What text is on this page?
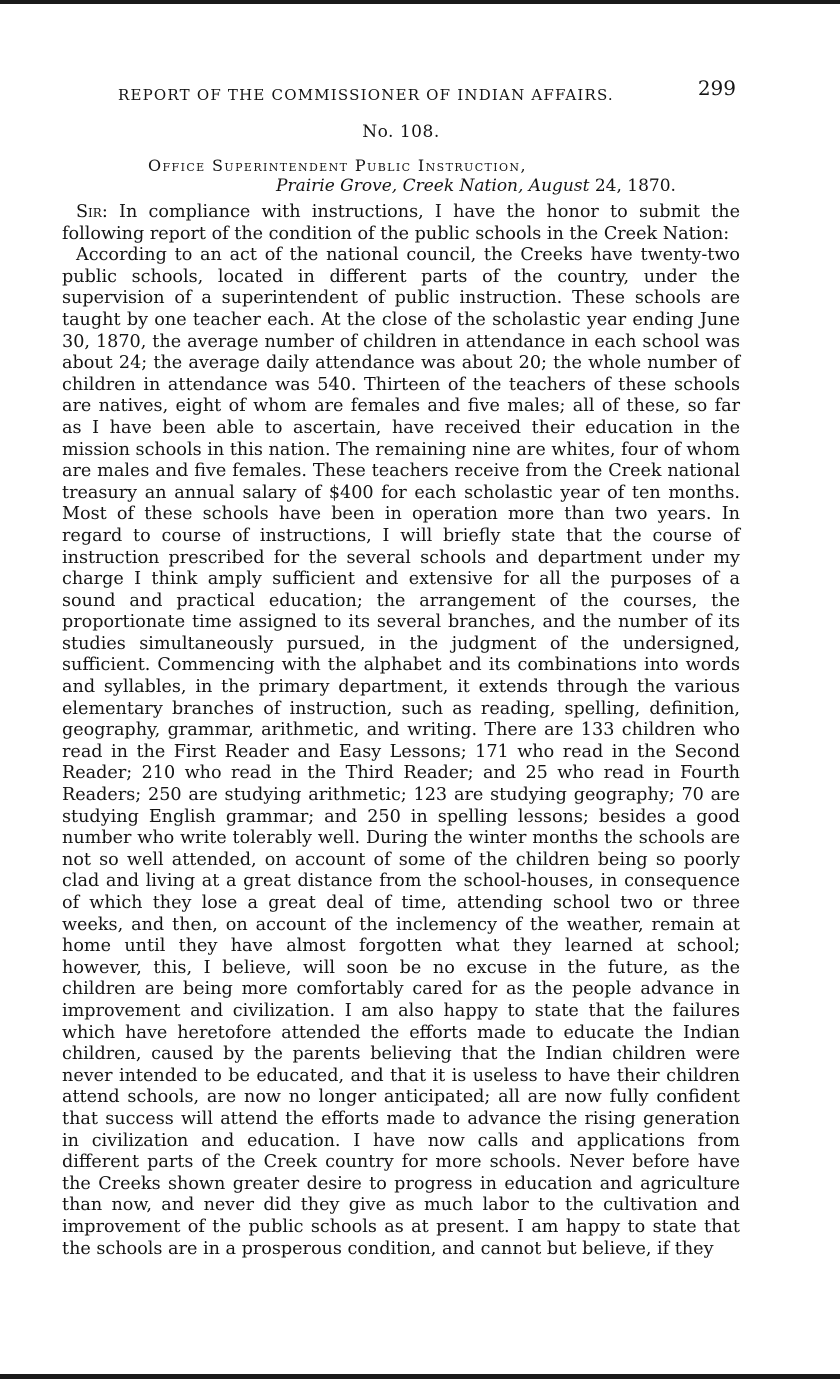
REPORT OF THE COMMISSIONER OF INDIAN AFFAIRS.	299
No. 108.
Office Superintendent Public Instruction,
Prairie Grove, Creek Nation, August 24, 1870.

Sir: In compliance with instructions, I have the honor to submit the following report of the condition of the public schools in the Creek Nation:

According to an act of the national council, the Creeks have twenty-two public schools, located in different parts of the country, under the supervision of a superintendent of public instruction. These schools are taught by one teacher each. At the close of the scholastic year ending June 30, 1870, the average number of children in attendance in each school was about 24; the average daily attendance was about 20; the whole number of children in attendance was 540. Thirteen of the teachers of these schools are natives, eight of whom are females and five males; all of these, so far as I have been able to ascertain, have received their education in the mission schools in this nation. The remaining nine are whites, four of whom are males and five females. These teachers receive from the Creek national treasury an annual salary of $400 for each scholastic year of ten months. Most of these schools have been in operation more than two years. In regard to course of instructions, I will briefly state that the course of instruction prescribed for the several schools and department under my charge I think amply sufficient and extensive for all the purposes of a sound and practical education; the arrangement of the courses, the proportionate time assigned to its several branches, and the number of its studies simultaneously pursued, in the judgment of the undersigned, sufficient. Commencing with the alphabet and its combinations into words and syllables, in the primary department, it extends through the various elementary branches of instruction, such as reading, spelling, definition, geography, grammar, arithmetic, and writing. There are 133 children who read in the First Reader and Easy Lessons; 171 who read in the Second Reader; 210 who read in the Third Reader; and 25 who read in Fourth Readers; 250 are studying arithmetic; 123 are studying geography; 70 are studying English grammar; and 250 in spelling lessons; besides a good number who write tolerably well. During the winter months the schools are not so well attended, on account of some of the children being so poorly clad and living at a great distance from the school-houses, in consequence of which they lose a great deal of time, attending school two or three weeks, and then, on account of the inclemency of the weather, remain at home until they have almost forgotten what they learned at school; however, this, I believe, will soon be no excuse in the future, as the children are being more comfortably cared for as the people advance in improvement and civilization. I am also happy to state that the failures which have heretofore attended the efforts made to educate the Indian children, caused by the parents believing that the Indian children were never intended to be educated, and that it is useless to have their children attend schools, are now no longer anticipated; all are now fully confident that success will attend the efforts made to advance the rising generation in civilization and education. I have now calls and applications from different parts of the Creek country for more schools. Never before have the Creeks shown greater desire to progress in education and agriculture than now, and never did they give as much labor to the cultivation and improvement of the public schools as at present. I am happy to state that the schools are in a prosperous condition, and cannot but believe, if they
